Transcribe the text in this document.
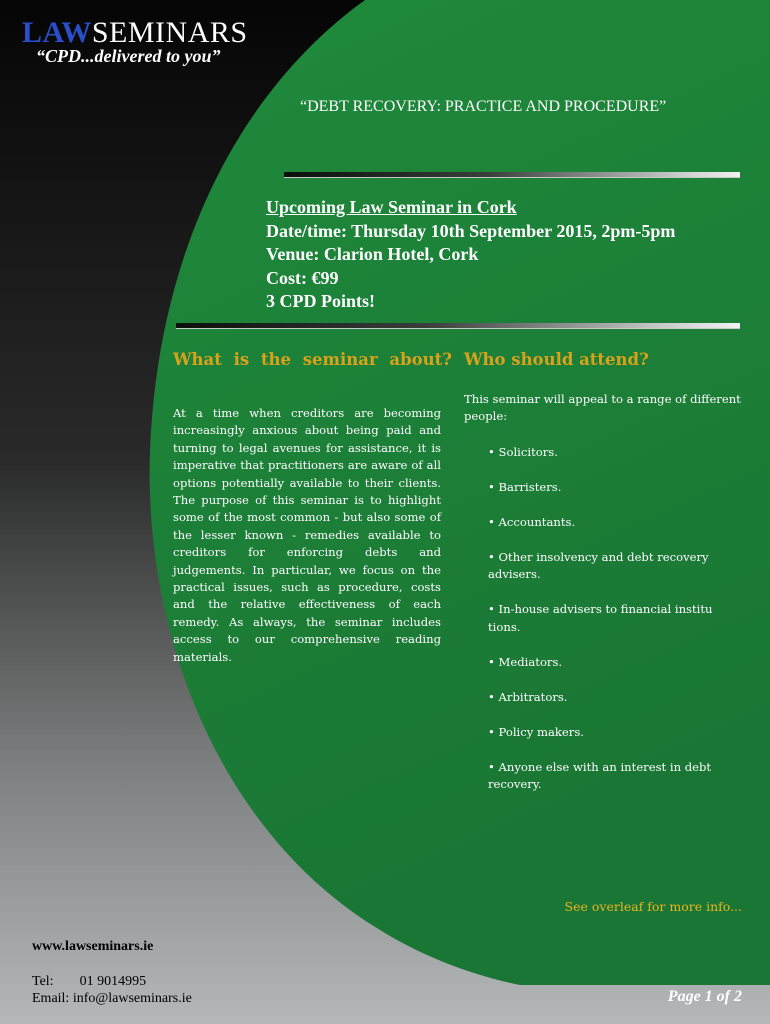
LAWSEMINARS
“CPD...delivered to you”
“DEBT RECOVERY: PRACTICE AND PROCEDURE”
Upcoming Law Seminar in Cork
Date/time: Thursday 10th September 2015, 2pm-5pm
Venue: Clarion Hotel, Cork
Cost: €99
3 CPD Points!
What is the seminar about?
At a time when creditors are becoming increasingly anxious about being paid and turning to legal avenues for assistance, it is imperative that practitioners are aware of all options potentially available to their clients. The purpose of this seminar is to highlight some of the most common - but also some of the lesser known - remedies available to creditors for enforcing debts and judgements. In particular, we focus on the practical issues, such as procedure, costs and the relative effectiveness of each remedy. As always, the seminar includes access to our comprehensive reading materials.
Who should attend?
This seminar will appeal to a range of different people:
• Solicitors.
• Barristers.
• Accountants.
• Other insolvency and debt recovery advisers.
• In-house advisers to financial institu tions.
• Mediators.
• Arbitrators.
• Policy makers.
• Anyone else with an interest in debt recovery.
See overleaf for more info...
www.lawseminars.ie
Tel: 01 9014995
Email: info@lawseminars.ie	Page 1 of 2
